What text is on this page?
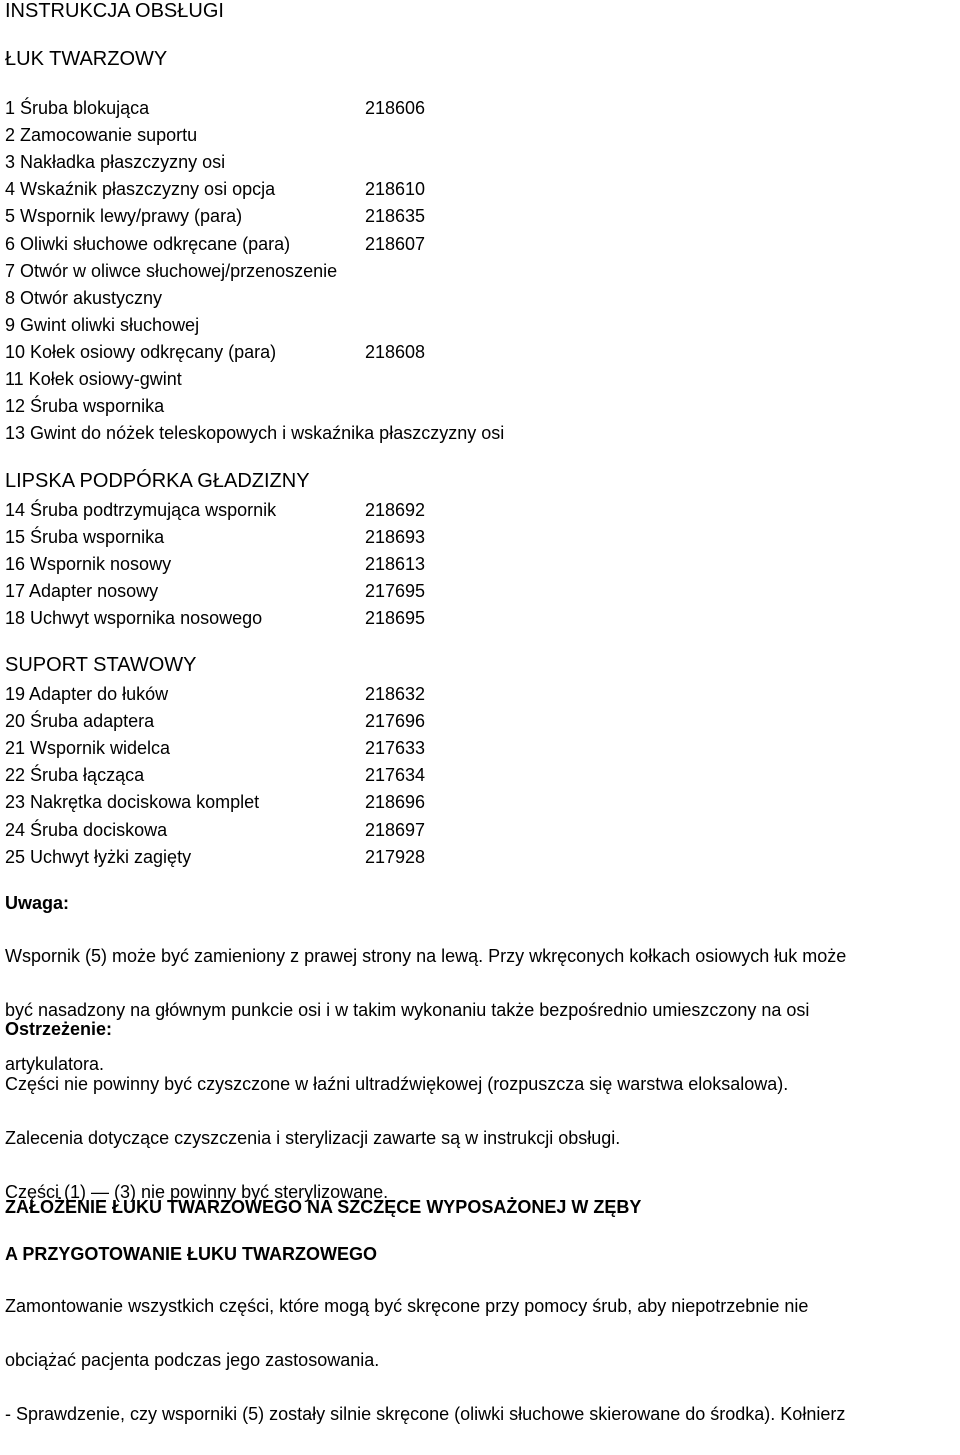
INSTRUKCJA OBSŁUGI
ŁUK TWARZOWY
1 Śruba blokująca	218606
2 Zamocowanie suportu
3 Nakładka płaszczyzny osi
4 Wskaźnik płaszczyzny osi opcja	218610
5 Wspornik lewy/prawy (para)	218635
6 Oliwki słuchowe odkręcane (para)	218607
7 Otwór w oliwce słuchowej/przenoszenie
8 Otwór akustyczny
9 Gwint oliwki słuchowej
10 Kołek osiowy odkręcany (para)	218608
11 Kołek osiowy-gwint
12 Śruba wspornika
13 Gwint do nóżek teleskopowych i wskaźnika płaszczyzny osi
LIPSKA PODPÓRKA GŁADZIZNY
14 Śruba podtrzymująca wspornik	218692
15 Śruba wspornika	218693
16 Wspornik nosowy	218613
17 Adapter nosowy	217695
18 Uchwyt wspornika nosowego	218695
SUPORT STAWOWY
19 Adapter do łuków	218632
20 Śruba adaptera	217696
21 Wspornik widelca	217633
22 Śruba łącząca	217634
23 Nakrętka dociskowa komplet	218696
24 Śruba dociskowa	218697
25 Uchwyt łyżki zagięty	217928
Uwaga:

Wspornik (5) może być zamieniony z prawej strony na lewą. Przy wkręconych kołkach osiowych łuk może

być nasadzony na głównym punkcie osi i w takim wykonaniu także bezpośrednio umieszczony na osi

artykulatora.

Ostrzeżenie:

Części nie powinny być czyszczone w łaźni ultradźwiękowej (rozpuszcza się warstwa eloksalowa).

Zalecenia dotyczące czyszczenia i sterylizacji zawarte są w instrukcji obsługi.

Części (1) — (3) nie powinny być sterylizowane.

ZAŁOŻENIE ŁUKU TWARZOWEGO NA SZCZĘCE WYPOSAŻONEJ W ZĘBY
A PRZYGOTOWANIE ŁUKU TWARZOWEGO

Zamontowanie wszystkich części, które mogą być skręcone przy pomocy śrub, aby niepotrzebnie nie

obciążać pacjenta podczas jego zastosowania.

- Sprawdzenie, czy wsporniki (5) zostały silnie skręcone (oliwki słuchowe skierowane do środka). Kołnierz
